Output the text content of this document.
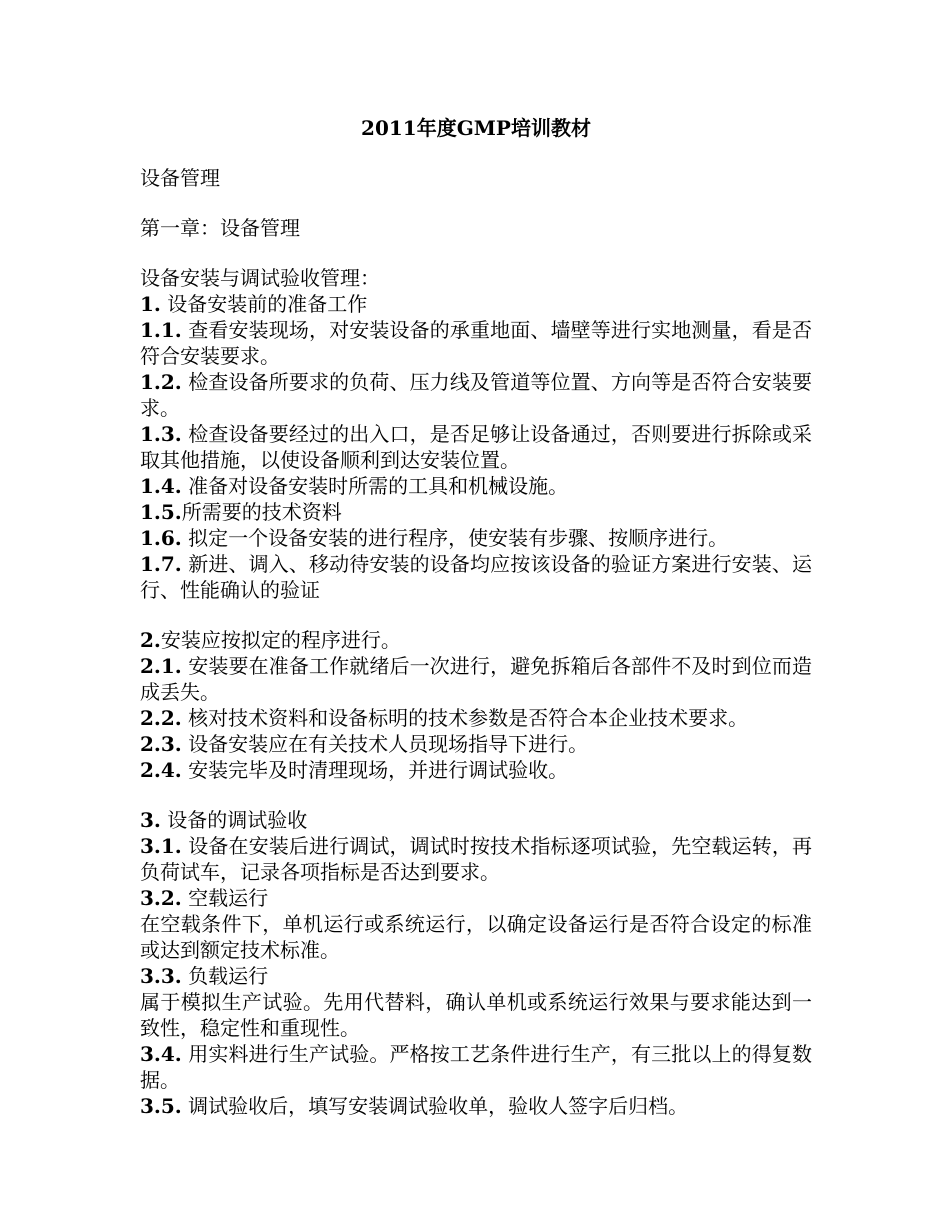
2011年度GMP培训教材

设备管理

第一章：设备管理

设备安装与调试验收管理：

1. 设备安装前的准备工作

1.1. 查看安装现场，对安装设备的承重地面、墙壁等进行实地测量，看是否符合安装要求。

1.2. 检查设备所要求的负荷、压力线及管道等位置、方向等是否符合安装要求。

1.3. 检查设备要经过的出入口，是否足够让设备通过，否则要进行拆除或采取其他措施，以使设备顺利到达安装位置。

1.4. 准备对设备安装时所需的工具和机械设施。

1.5.所需要的技术资料

1.6. 拟定一个设备安装的进行程序，使安装有步骤、按顺序进行。

1.7. 新进、调入、移动待安装的设备均应按该设备的验证方案进行安装、运行、性能确认的验证

2.安装应按拟定的程序进行。

2.1. 安装要在准备工作就绪后一次进行，避免拆箱后各部件不及时到位而造成丢失。

2.2. 核对技术资料和设备标明的技术参数是否符合本企业技术要求。

2.3. 设备安装应在有关技术人员现场指导下进行。

2.4. 安装完毕及时清理现场，并进行调试验收。

3. 设备的调试验收

3.1. 设备在安装后进行调试，调试时按技术指标逐项试验，先空载运转，再负荷试车，记录各项指标是否达到要求。

3.2. 空载运行

在空载条件下，单机运行或系统运行，以确定设备运行是否符合设定的标准或达到额定技术标准。

3.3. 负载运行

属于模拟生产试验。先用代替料，确认单机或系统运行效果与要求能达到一致性，稳定性和重现性。

3.4. 用实料进行生产试验。严格按工艺条件进行生产，有三批以上的得复数据。

3.5. 调试验收后，填写安装调试验收单，验收人签字后归档。
